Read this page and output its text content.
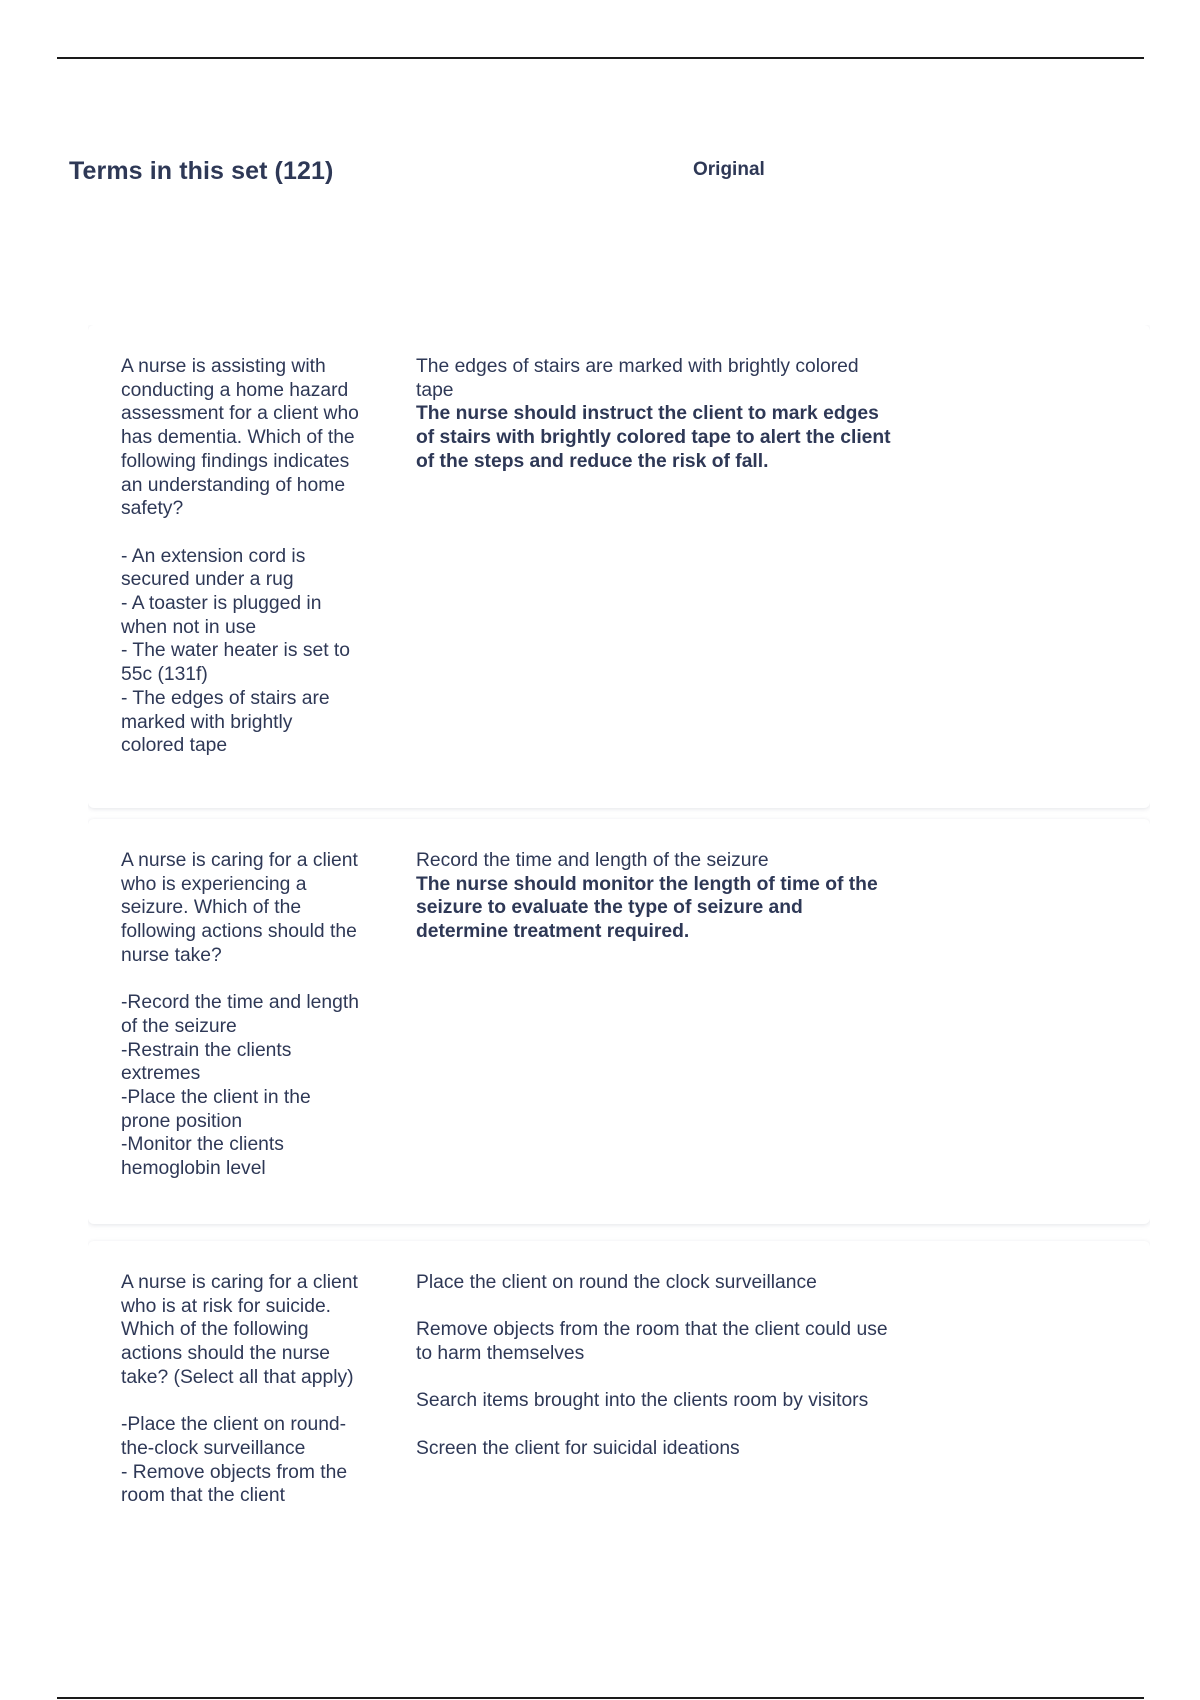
Terms in this set (121)	Original
A nurse is assisting with conducting a home hazard assessment for a client who has dementia. Which of the following findings indicates an understanding of home safety?

- An extension cord is secured under a rug
- A toaster is plugged in when not in use
- The water heater is set to 55c (131f)
- The edges of stairs are marked with brightly colored tape
The edges of stairs are marked with brightly colored tape
The nurse should instruct the client to mark edges of stairs with brightly colored tape to alert the client of the steps and reduce the risk of fall.
A nurse is caring for a client who is experiencing a seizure. Which of the following actions should the nurse take?

-Record the time and length of the seizure
-Restrain the clients extremes
-Place the client in the prone position
-Monitor the clients hemoglobin level
Record the time and length of the seizure
The nurse should monitor the length of time of the seizure to evaluate the type of seizure and determine treatment required.
A nurse is caring for a client who is at risk for suicide. Which of the following actions should the nurse take? (Select all that apply)

-Place the client on round-the-clock surveillance
- Remove objects from the room that the client
Place the client on round the clock surveillance
Remove objects from the room that the client could use to harm themselves
Search items brought into the clients room by visitors
Screen the client for suicidal ideations
